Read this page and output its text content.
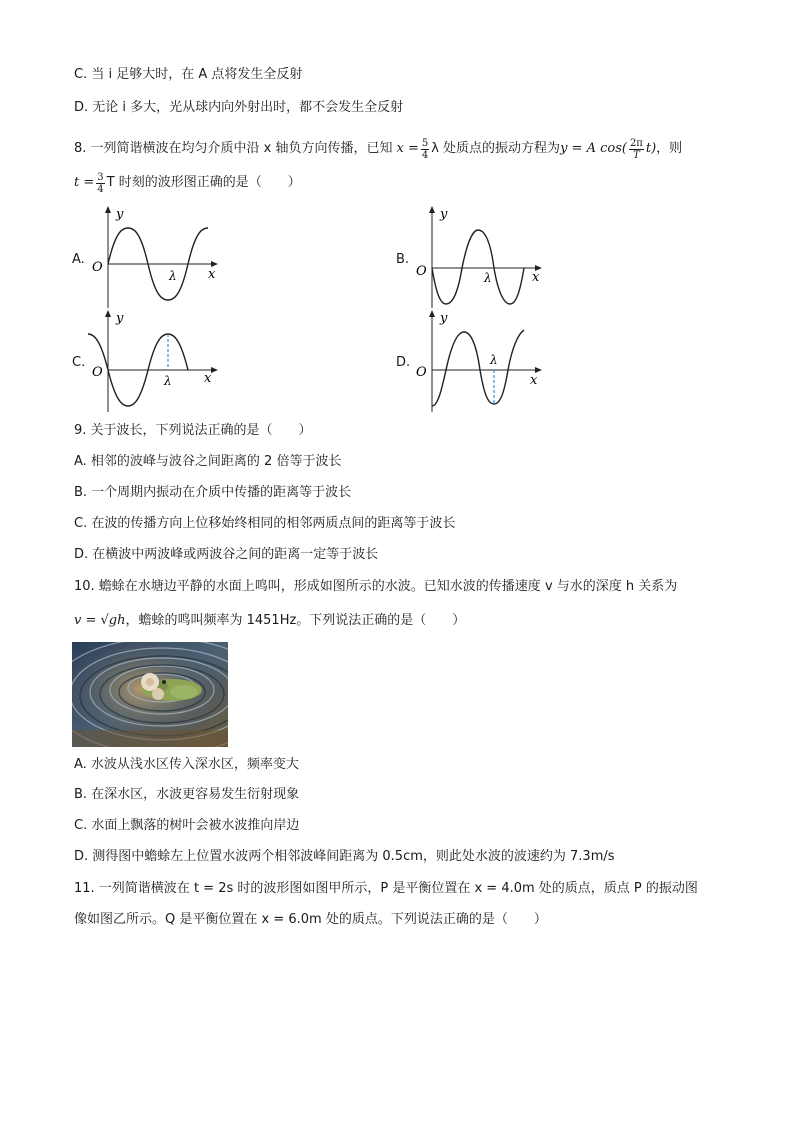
C. 当 i 足够大时，在 A 点将发生全反射
D. 无论 i 多大，光从球内向外射出时，都不会发生全反射
8. 一列简谐横波在均匀介质中沿 x 轴负方向传播，已知 $x = \frac{5}{4}$ λ 处质点的振动方程为 y = A $\cos( \frac{2\pi}{T} t)$ ，则
$t = \frac{3}{4}$ T 时刻的波形图正确的是（　　）
A.
y
O	x
λ
B.
y
O	x
λ
C.
y
O	x
λ
D.
y
O
x
λ
9. 关于波长，下列说法正确的是（　　）
A. 相邻的波峰与波谷之间距离的 2 倍等于波长
B. 一个周期内振动在介质中传播的距离等于波长
C. 在波的传播方向上位移始终相同的相邻两质点间的距离等于波长
D. 在横波中两波峰或两波谷之间的距离一定等于波长
10. 蟾蜍在水塘边平静的水面上鸣叫，形成如图所示的水波。已知水波的传播速度 v 与水的深度 h 关系为
v = √gh，蟾蜍的鸣叫频率为 1451Hz。下列说法正确的是（　　）
A. 水波从浅水区传入深水区，频率变大
B. 在深水区，水波更容易发生衍射现象
C. 水面上飘落的树叶会被水波推向岸边
D. 测得图中蟾蜍左上位置水波两个相邻波峰间距离为 0.5cm，则此处水波的波速约为 7.3m/s
11. 一列简谐横波在 t = 2s 时的波形图如图甲所示，P 是平衡位置在 x = 4.0m 处的质点，质点 P 的振动图
像如图乙所示。Q 是平衡位置在 x = 6.0m 处的质点。下列说法正确的是（　　）
